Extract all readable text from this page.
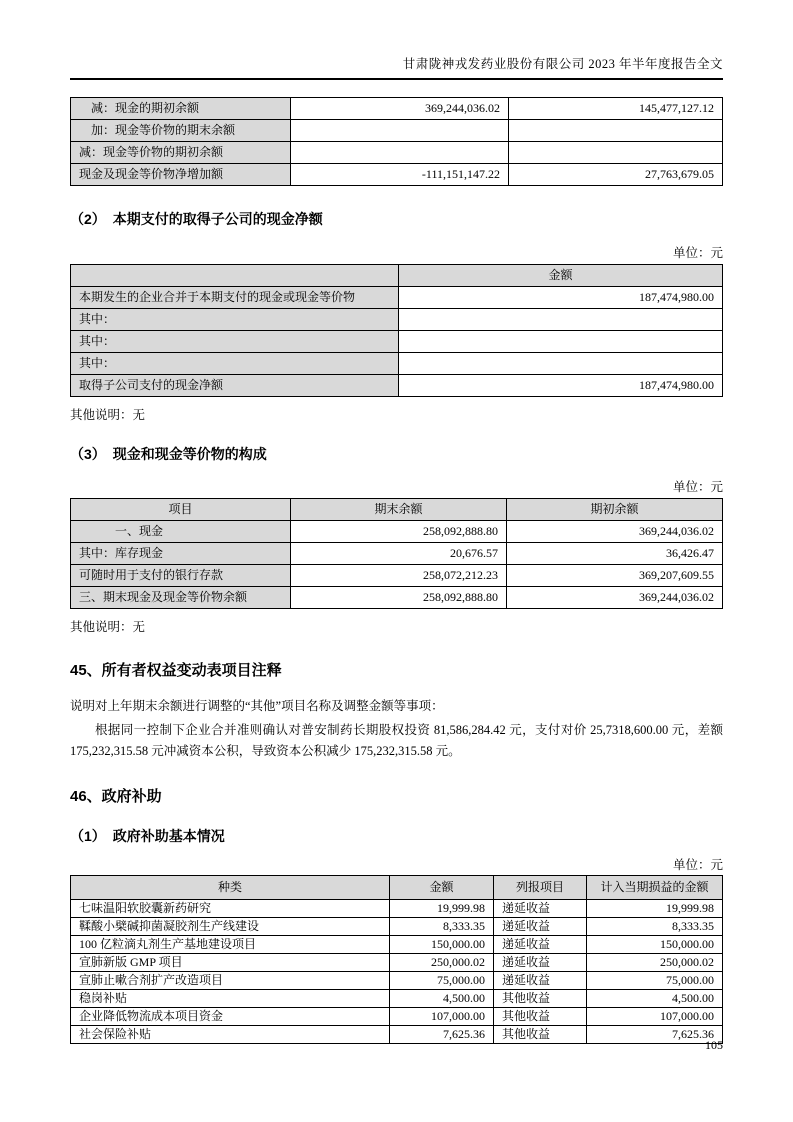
甘肃陇神戎发药业股份有限公司 2023 年半年度报告全文
减：现金的期初余额	369,244,036.02	145,477,127.12
加：现金等价物的期末余额		
减：现金等价物的期初余额		
现金及现金等价物净增加额	-111,151,147.22	27,763,679.05
（2）　本期支付的取得子公司的现金净额
单位：元
	金额
本期发生的企业合并于本期支付的现金或现金等价物	187,474,980.00
其中：	
其中：	
其中：	
取得子公司支付的现金净额	187,474,980.00
其他说明：无
（3）　现金和现金等价物的构成
单位：元
项目	期末余额	期初余额
一、现金	258,092,888.80	369,244,036.02
其中：库存现金	20,676.57	36,426.47
可随时用于支付的银行存款	258,072,212.23	369,207,609.55
三、期末现金及现金等价物余额	258,092,888.80	369,244,036.02
其他说明：无
45、所有者权益变动表项目注释

说明对上年期末余额进行调整的“其他”项目名称及调整金额等事项：

根据同一控制下企业合并准则确认对普安制药长期股权投资 81,586,284.42 元，支付对价 25,7318,600.00 元，差额 175,232,315.58 元冲减资本公积，导致资本公积减少 175,232,315.58 元。

46、政府补助
（1）　政府补助基本情况
单位：元
种类	金额	列报项目	计入当期损益的金额
七味温阳软胶囊新药研究	19,999.98	递延收益	19,999.98
鞣酸小檗碱抑菌凝胶剂生产线建设	8,333.35	递延收益	8,333.35
100 亿粒滴丸剂生产基地建设项目	150,000.00	递延收益	150,000.00
宣肺新版 GMP 项目	250,000.02	递延收益	250,000.02
宣肺止嗽合剂扩产改造项目	75,000.00	递延收益	75,000.00
稳岗补贴	4,500.00	其他收益	4,500.00
企业降低物流成本项目资金	107,000.00	其他收益	107,000.00
社会保险补贴	7,625.36	其他收益	7,625.36
105
